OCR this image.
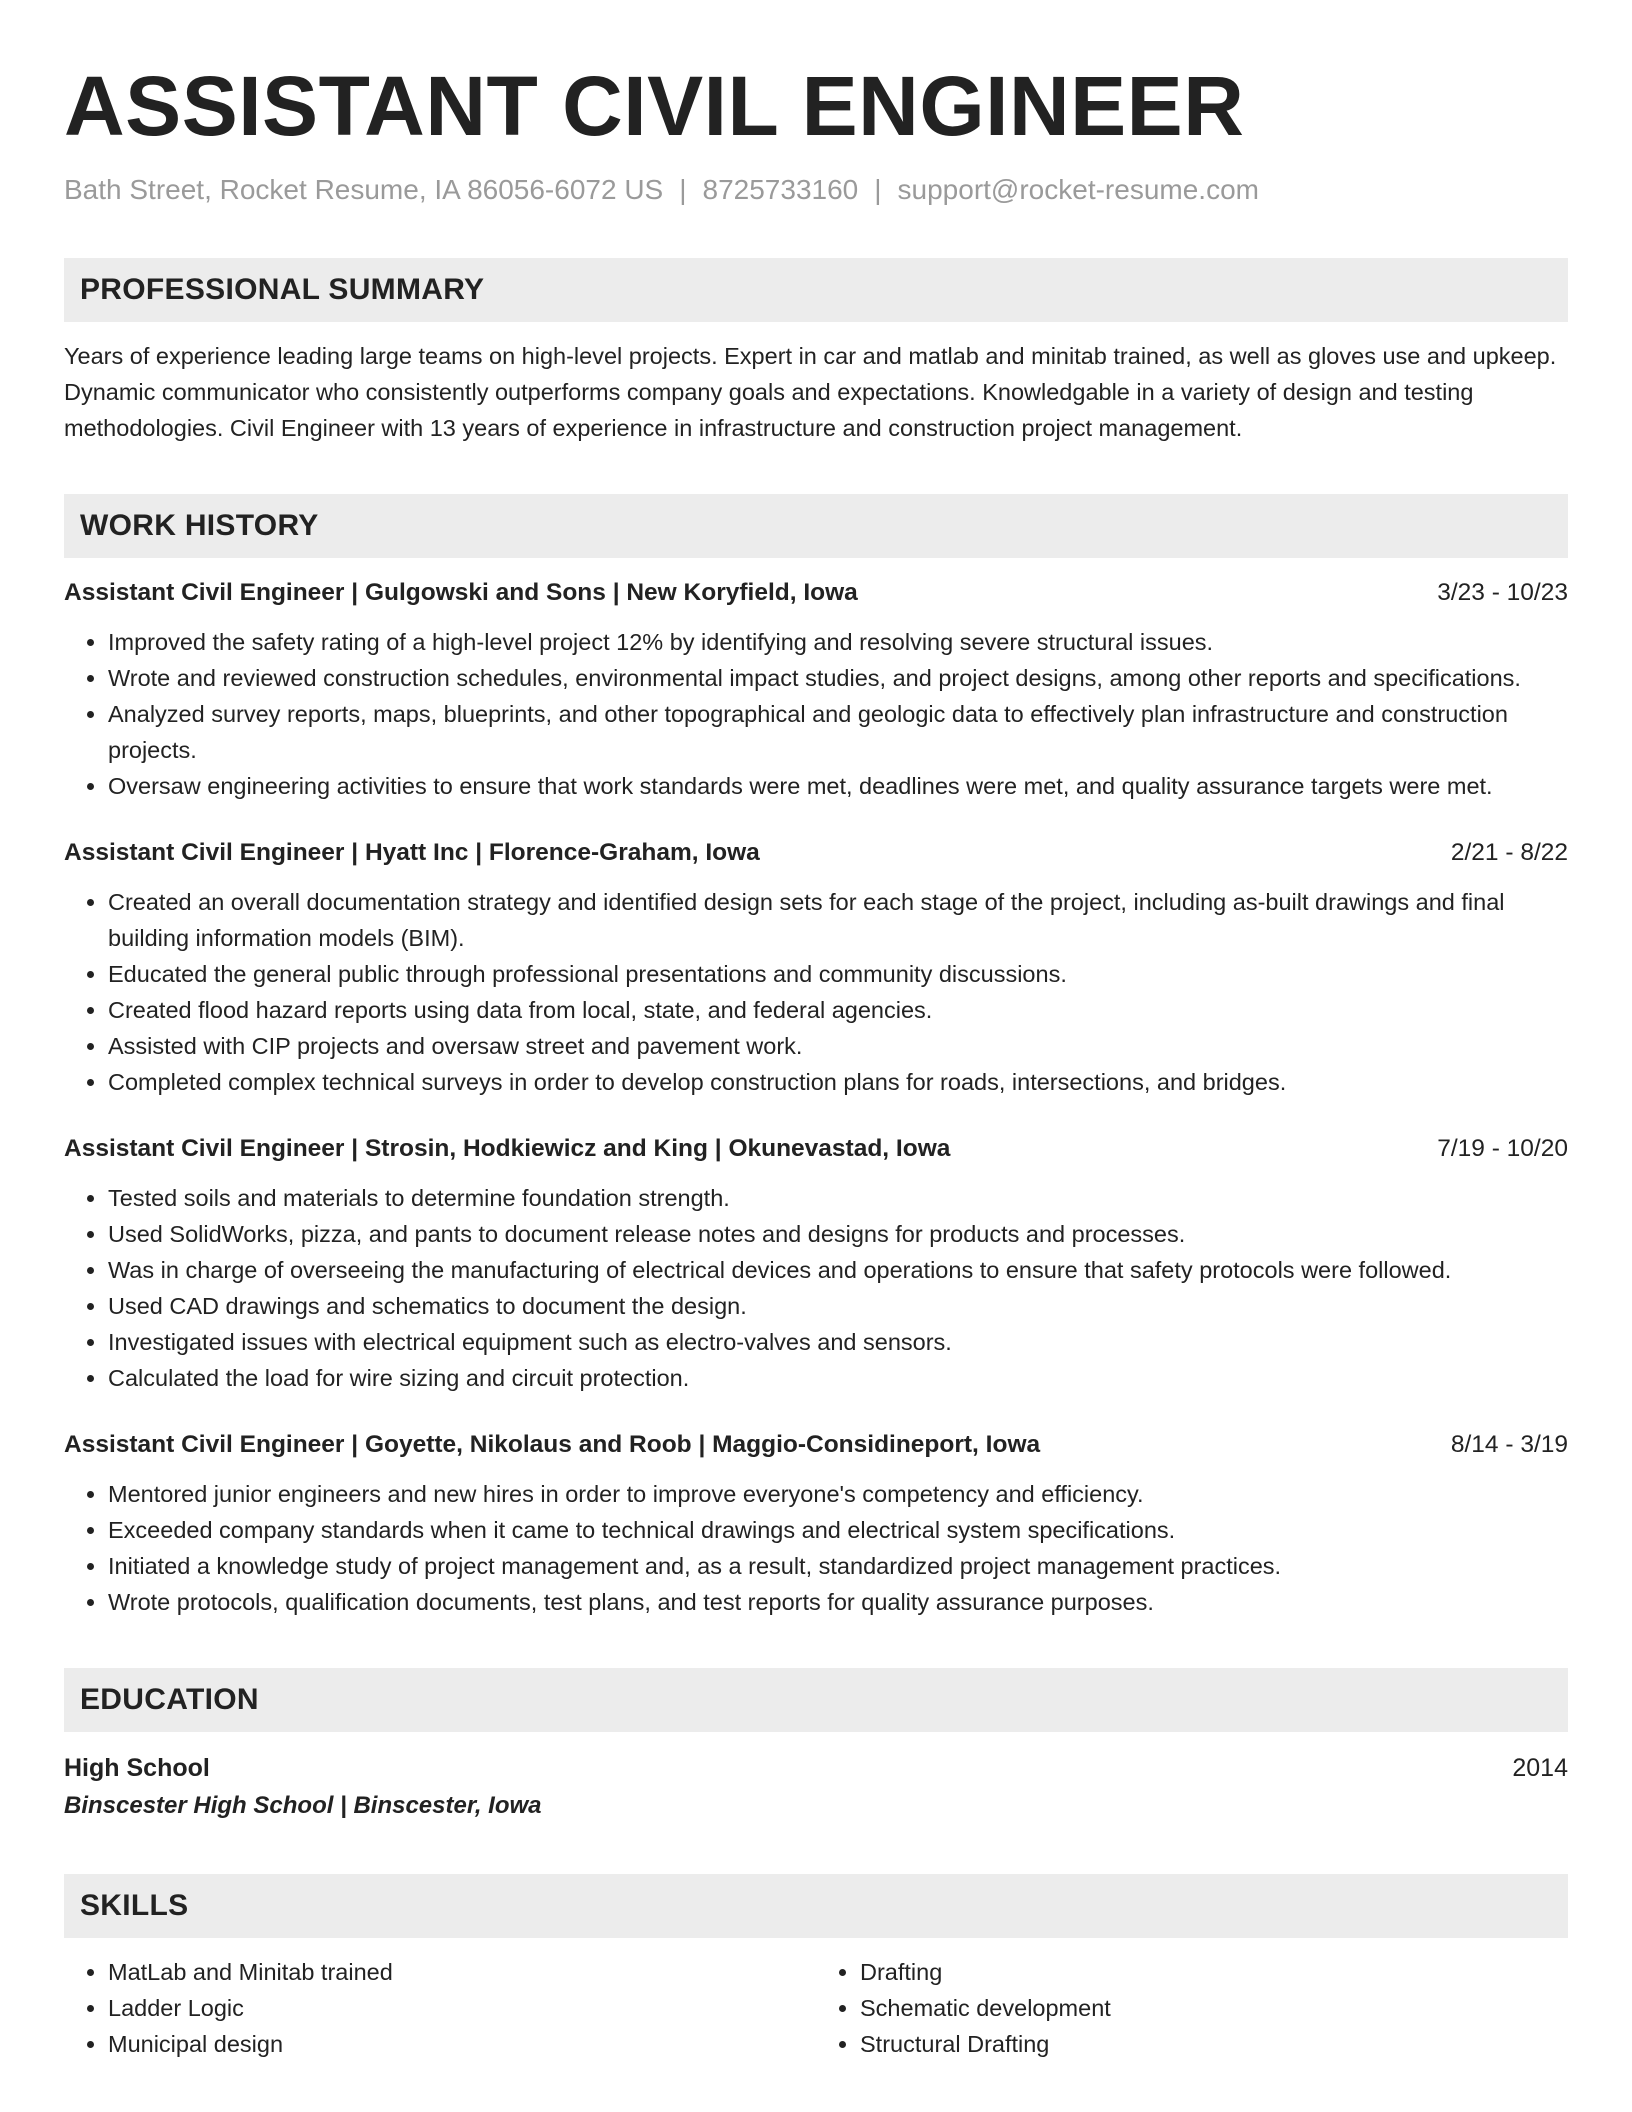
ASSISTANT CIVIL ENGINEER
Bath Street, Rocket Resume, IA 86056-6072 US | 8725733160 | support@rocket-resume.com
PROFESSIONAL SUMMARY
Years of experience leading large teams on high-level projects. Expert in car and matlab and minitab trained, as well as gloves use and upkeep. Dynamic communicator who consistently outperforms company goals and expectations. Knowledgable in a variety of design and testing methodologies. Civil Engineer with 13 years of experience in infrastructure and construction project management.
WORK HISTORY
Assistant Civil Engineer | Gulgowski and Sons | New Koryfield, Iowa	3/23 - 10/23
• Improved the safety rating of a high-level project 12% by identifying and resolving severe structural issues.
• Wrote and reviewed construction schedules, environmental impact studies, and project designs, among other reports and specifications.
• Analyzed survey reports, maps, blueprints, and other topographical and geologic data to effectively plan infrastructure and construction projects.
• Oversaw engineering activities to ensure that work standards were met, deadlines were met, and quality assurance targets were met.
Assistant Civil Engineer | Hyatt Inc | Florence-Graham, Iowa	2/21 - 8/22
• Created an overall documentation strategy and identified design sets for each stage of the project, including as-built drawings and final building information models (BIM).
• Educated the general public through professional presentations and community discussions.
• Created flood hazard reports using data from local, state, and federal agencies.
• Assisted with CIP projects and oversaw street and pavement work.
• Completed complex technical surveys in order to develop construction plans for roads, intersections, and bridges.
Assistant Civil Engineer | Strosin, Hodkiewicz and King | Okunevastad, Iowa	7/19 - 10/20
• Tested soils and materials to determine foundation strength.
• Used SolidWorks, pizza, and pants to document release notes and designs for products and processes.
• Was in charge of overseeing the manufacturing of electrical devices and operations to ensure that safety protocols were followed.
• Used CAD drawings and schematics to document the design.
• Investigated issues with electrical equipment such as electro-valves and sensors.
• Calculated the load for wire sizing and circuit protection.
Assistant Civil Engineer | Goyette, Nikolaus and Roob | Maggio-Considineport, Iowa	8/14 - 3/19
• Mentored junior engineers and new hires in order to improve everyone's competency and efficiency.
• Exceeded company standards when it came to technical drawings and electrical system specifications.
• Initiated a knowledge study of project management and, as a result, standardized project management practices.
• Wrote protocols, qualification documents, test plans, and test reports for quality assurance purposes.
EDUCATION
High School	2014
Binscester High School | Binscester, Iowa
SKILLS
• MatLab and Minitab trained
• Ladder Logic
• Municipal design
• Drafting
• Schematic development
• Structural Drafting
